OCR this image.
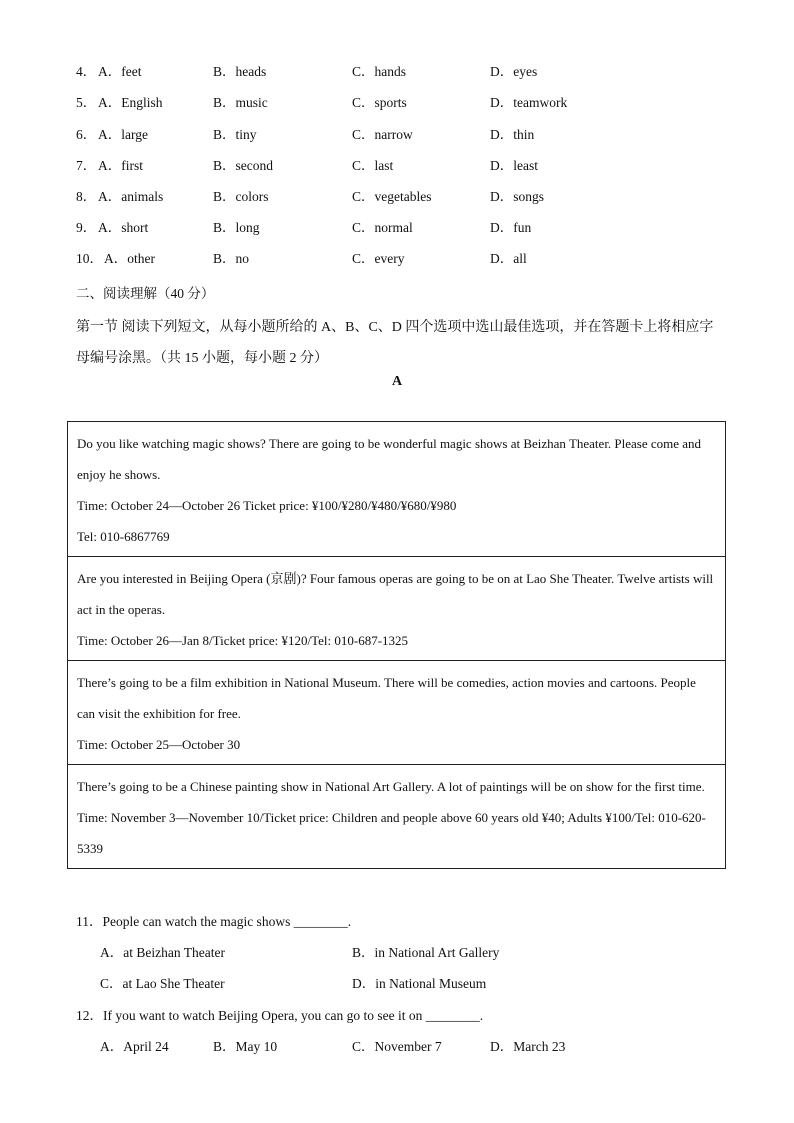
4． A．feet	B．heads	C．hands	D．eyes
5． A．English	B．music	C．sports	D．teamwork
6． A．large	B．tiny	C．narrow	D．thin
7． A．first	B．second	C．last	D．least
8． A．animals	B．colors	C．vegetables	D．songs
9． A．short	B．long	C．normal	D．fun
10． A．other	B．no	C．every	D．all
二、阅读理解（40 分）
第一节 阅读下列短文，从每小题所给的 A、B、C、D 四个选项中选山最佳选项，并在答题卡上将相应字母编号涂黑。（共 15 小题，每小题 2 分）
A

Do you like watching magic shows? There are going to be wonderful magic shows at Beizhan Theater. Please come and enjoy he shows.

Time: October 24—October 26 Ticket price: ¥100/¥280/¥480/¥680/¥980

Tel: 010-6867769

Are you interested in Beijing Opera (京剧)? Four famous operas are going to be on at Lao She Theater. Twelve artists will act in the operas.

Time: October 26—Jan 8/Ticket price: ¥120/Tel: 010-687-1325

There’s going to be a film exhibition in National Museum. There will be comedies, action movies and cartoons. People can visit the exhibition for free.

Time: October 25—October 30

There’s going to be a Chinese painting show in National Art Gallery. A lot of paintings will be on show for the first time.

Time: November 3—November 10/Ticket price: Children and people above 60 years old ¥40; Adults ¥100/Tel: 010-620-5339

11．People can watch the magic shows ________.
A．at Beizhan Theater	B．in National Art Gallery
C．at Lao She Theater	D．in National Museum
12．If you want to watch Beijing Opera, you can go to see it on ________.
A．April 24	B．May 10	C．November 7	D．March 23
